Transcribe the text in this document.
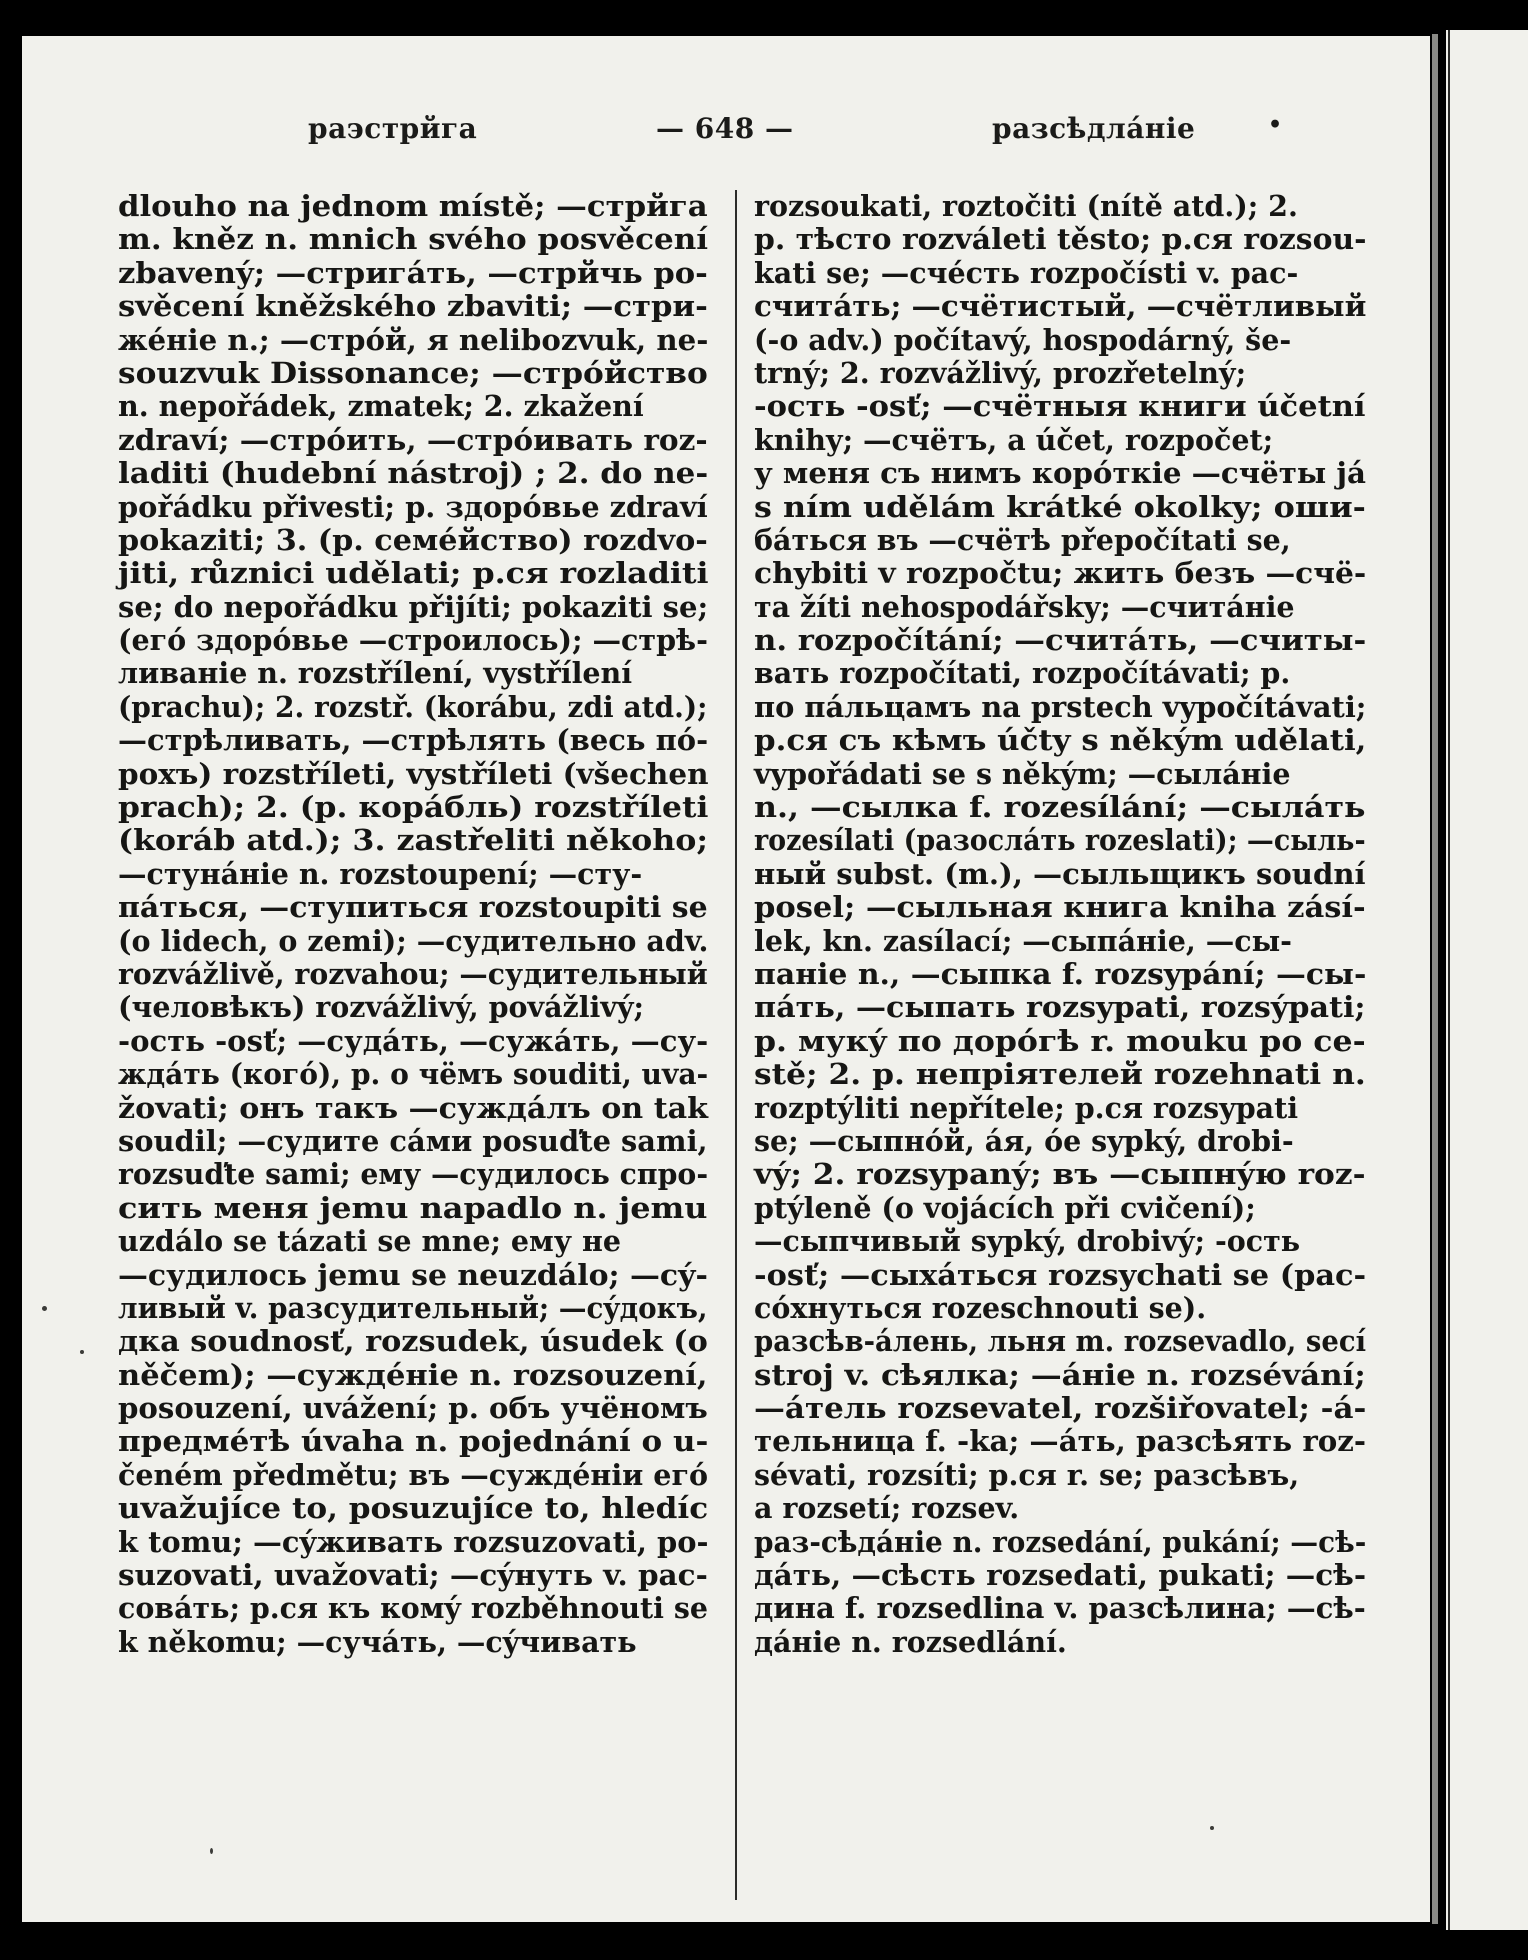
раэстрйга	— 648 —	разсѣдлáніе	•
dlouho na jednom místě; —стрйга
m. kněz n. mnich svého posvěcení
zbavený; —стригáть, —стрйчь po-
svěcení kněžského zbaviti; —стри-
жéніе n.; —стрóй, я nelibozvuk, ne-
souzvuk Dissonance; —стрóйство
n. nepořádek, zmatek; 2. zkažení
zdraví; —стрóить, —стрóивать roz-
laditi (hudební nástroj) ; 2. do ne-
pořádku přivesti; р. здорóвье zdraví
pokaziti; 3. (р. семéйство) rozdvo-
jiti, různici udělati; р.ся rozladiti
se; do nepořádku přijíti; pokaziti se;
(егó здорóвье —строилось); —стрѣ-
ливаніе n. rozstřílení, vystřílení
(prachu); 2. rozstř. (korábu, zdi atd.);
—стрѣливать, —стрѣлять (весь пó-
рохъ) rozstříleti, vystříleti (všechen
prach); 2. (р. корáбль) rozstříleti
(koráb atd.); 3. zastřeliti někoho;
—стунáніе n. rozstoupení; —сту-
пáться, —ступиться rozstoupiti se
(o lidech, o zemi); —судительно adv.
rozvážlivě, rozvahou; —судительный
(человѣкъ) rozvážlivý, povážlivý;
-ость -osť; —судáть, —сужáть, —су-
ждáть (когó), р. о чёмъ souditi, uva-
žovati; онъ такъ —суждáлъ on tak
soudil; —судите сáми posuďte sami,
rozsuďte sami; ему —судилось спро-
сить меня jemu napadlo n. jemu
uzdálo se tázati se mne; ему не
—судилось jemu se neuzdálo; —сý-
ливый v. разсудительный; —сýдокъ,
дка soudnosť, rozsudek, úsudek (o
něčem); —суждéніе n. rozsouzení,
posouzení, uvážení; р. объ учёномъ
предмéтѣ úvaha n. pojednání o u-
čeném předmětu; въ —суждéніи егó
uvažujíce to, posuzujíce to, hledíc
k tomu; —сýживать rozsuzovati, po-
suzovati, uvažovati; —сýнуть v. рас-
совáть; р.ся къ комý rozběhnouti se
k někomu; —сучáть, —сýчивать
rozsoukati, roztočiti (nítě atd.); 2.
р. тѣсто rozváleti těsto; р.ся rozsou-
kati se; —счéсть rozpočísti v. рас-
считáть; —счётистый, —счётливый
(-о adv.) počítavý, hospodárný, še-
trný; 2. rozvážlivý, prozřetelný;
-ость -osť; —счётныя книги účetní
knihy; —счётъ, a účet, rozpočet;
у меня съ нимъ корóткіе —счёты já
s ním udělám krátké okolky; оши-
бáться въ —счётѣ přepočítati se,
chybiti v rozpočtu; жить безъ —счё-
та žíti nehospodářsky; —считáніе
n. rozpočítání; —считáть, —считы-
вать rozpočítati, rozpočítávati; р.
по пáльцамъ na prstech vypočítávati;
р.ся съ кѣмъ účty s někým udělati,
vypořádati se s někým; —сылáніе
n., —сылка f. rozesílání; —сылáть
rozesílati (разослáть rozeslati); —сыль-
ный subst. (m.), —сыльщикъ soudní
posel; —сыльная книга kniha zásí-
lek, kn. zasílací; —сыпáніе, —сы-
паніе n., —сыпка f. rozsypání; —сы-
пáть, —сыпать rozsypati, rozsýpati;
р. мукý по дорóгѣ r. mouku po ce-
stě; 2. р. непріятелей rozehnati n.
rozptýliti nepřítele; р.ся rozsypati
se; —сыпнóй, áя, óе sypký, drobi-
vý; 2. rozsypaný; въ —сыпнýю roz-
ptýleně (o vojácích při cvičení);
—сыпчивый sypký, drobivý; -ость
-osť; —сыхáться rozsychati se (рас-
сóхнуться rozeschnouti se).
разсѣв-áлень, льня m. rozsevadlo, secí
stroj v. сѣялка; —áніе n. rozsévání;
—áтель rozsevatel, rozšiřovatel; -á-
тельница f. -ka; —áть, разсѣять roz-
sévati, rozsíti; р.ся r. se; разсѣвъ,
a rozsetí; rozsev.
раз-сѣдáніе n. rozsedání, pukání; —сѣ-
дáть, —сѣсть rozsedati, pukati; —сѣ-
дина f. rozsedlina v. разсѣлина; —сѣ-
дáніе n. rozsedlání.
